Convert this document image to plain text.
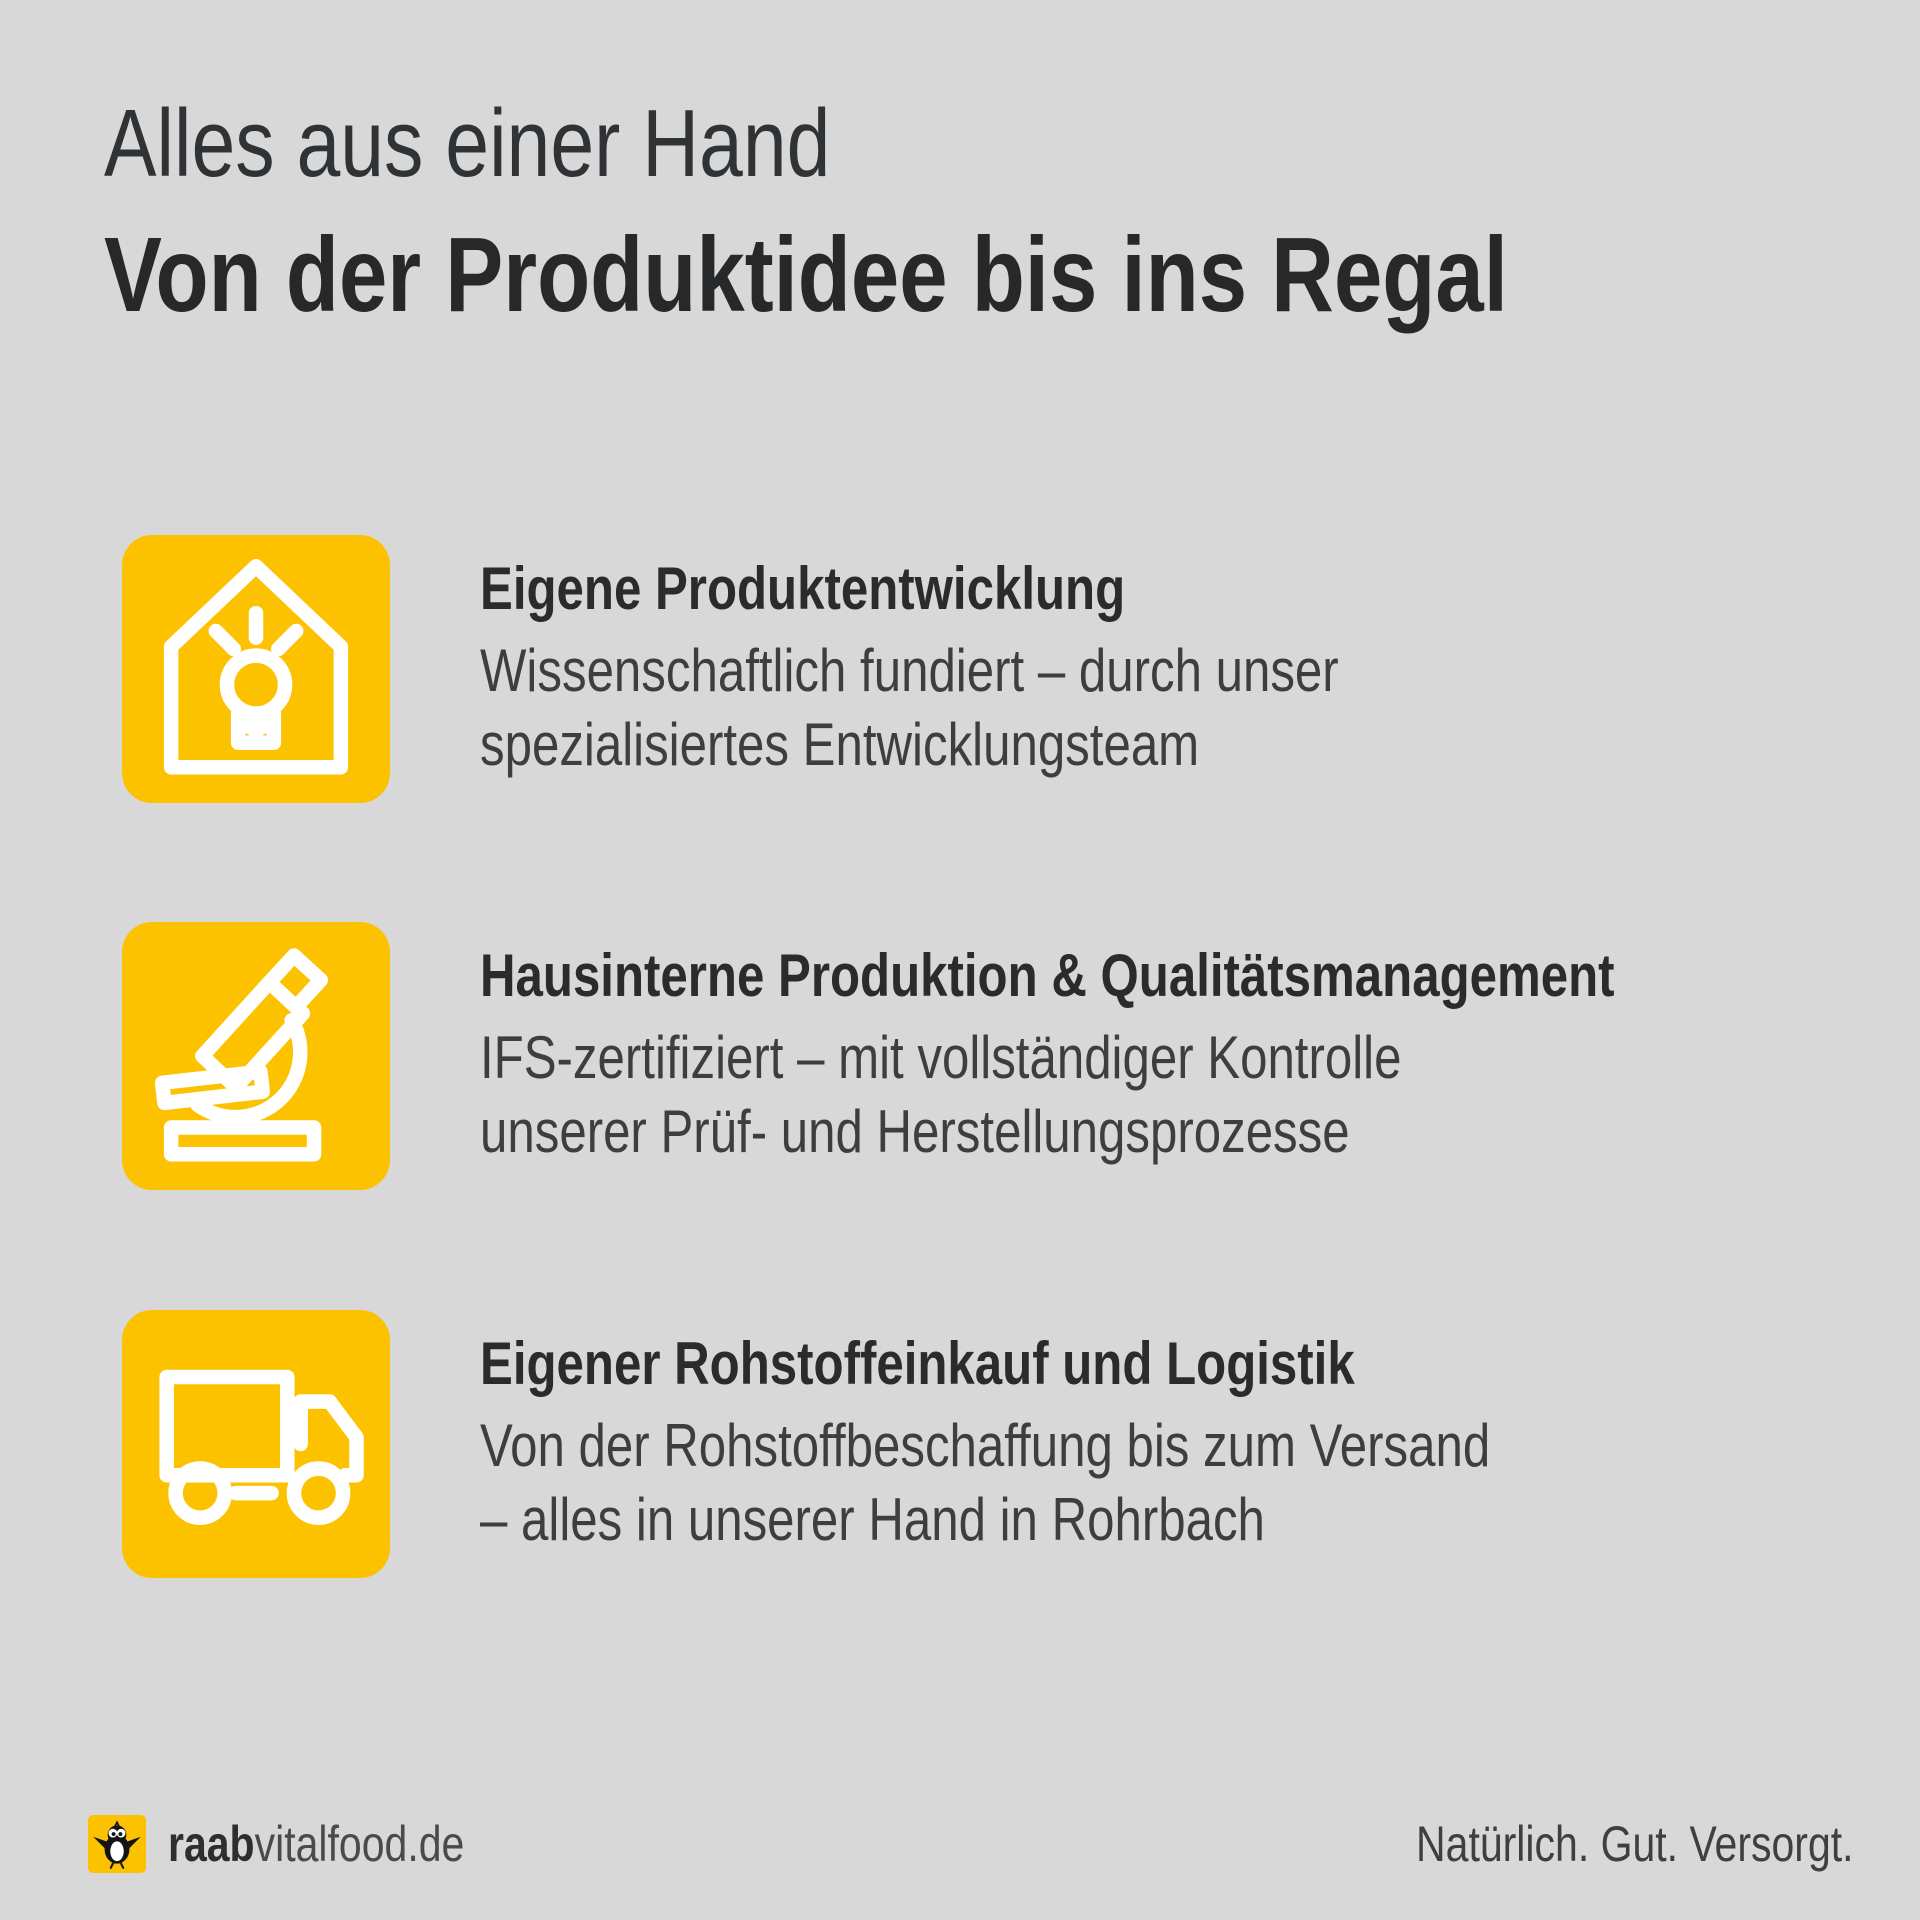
Alles aus einer Hand
Von der Produktidee bis ins Regal
Eigene Produktentwicklung

Wissenschaftlich fundiert – durch unser

spezialisiertes Entwicklungsteam

Hausinterne Produktion & Qualitätsmanagement

IFS-zertifiziert – mit vollständiger Kontrolle

unserer Prüf- und Herstellungsprozesse

Eigener Rohstoffeinkauf und Logistik

Von der Rohstoffbeschaffung bis zum Versand

– alles in unserer Hand in Rohrbach

raabvitalfood.de	Natürlich. Gut. Versorgt.
